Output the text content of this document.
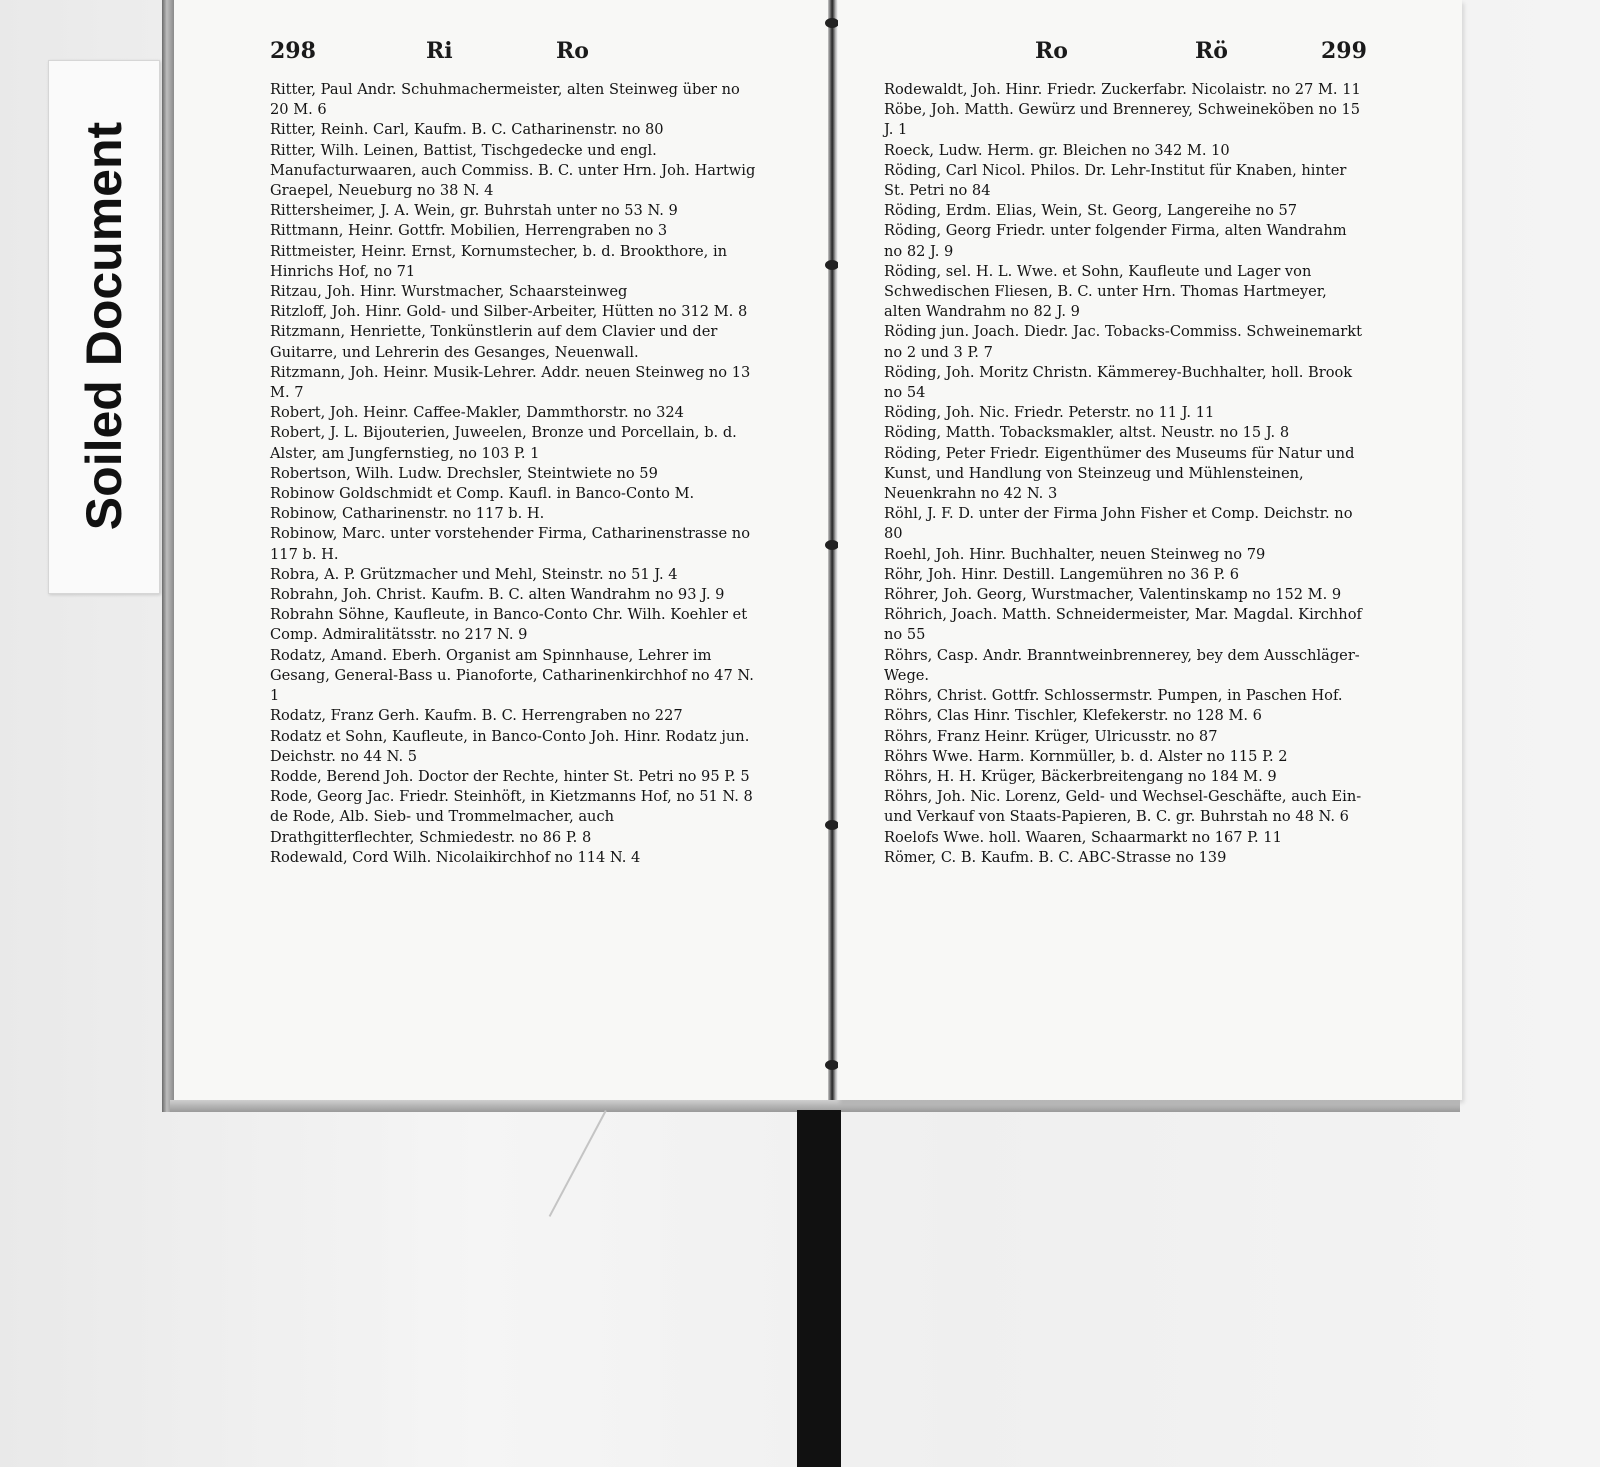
Soiled Document
298	Ri	Ro
Ritter, Paul Andr. Schuhmachermeister, alten Steinweg über no 20 M. 6
Ritter, Reinh. Carl, Kaufm. B. C. Catharinenstr. no 80
Ritter, Wilh. Leinen, Battist, Tischgedecke und engl. Manufacturwaaren, auch Commiss. B. C. unter Hrn. Joh. Hartwig Graepel, Neueburg no 38 N. 4
Rittersheimer, J. A. Wein, gr. Buhrstah unter no 53 N. 9
Rittmann, Heinr. Gottfr. Mobilien, Herrengraben no 3
Rittmeister, Heinr. Ernst, Kornumstecher, b. d. Brookthore, in Hinrichs Hof, no 71
Ritzau, Joh. Hinr. Wurstmacher, Schaarsteinweg
Ritzloff, Joh. Hinr. Gold- und Silber-Arbeiter, Hütten no 312 M. 8
Ritzmann, Henriette, Tonkünstlerin auf dem Clavier und der Guitarre, und Lehrerin des Gesanges, Neuenwall.
Ritzmann, Joh. Heinr. Musik-Lehrer. Addr. neuen Steinweg no 13 M. 7
Robert, Joh. Heinr. Caffee-Makler, Dammthorstr. no 324
Robert, J. L. Bijouterien, Juweelen, Bronze und Porcellain, b. d. Alster, am Jungfernstieg, no 103 P. 1
Robertson, Wilh. Ludw. Drechsler, Steintwiete no 59
Robinow Goldschmidt et Comp. Kaufl. in Banco-Conto M. Robinow, Catharinenstr. no 117 b. H.
Robinow, Marc. unter vorstehender Firma, Catharinenstrasse no 117 b. H.
Robra, A. P. Grützmacher und Mehl, Steinstr. no 51 J. 4
Robrahn, Joh. Christ. Kaufm. B. C. alten Wandrahm no 93 J. 9
Robrahn Söhne, Kaufleute, in Banco-Conto Chr. Wilh. Koehler et Comp. Admiralitätsstr. no 217 N. 9
Rodatz, Amand. Eberh. Organist am Spinnhause, Lehrer im Gesang, General-Bass u. Pianoforte, Catharinenkirchhof no 47 N. 1
Rodatz, Franz Gerh. Kaufm. B. C. Herrengraben no 227
Rodatz et Sohn, Kaufleute, in Banco-Conto Joh. Hinr. Rodatz jun. Deichstr. no 44 N. 5
Rodde, Berend Joh. Doctor der Rechte, hinter St. Petri no 95 P. 5
Rode, Georg Jac. Friedr. Steinhöft, in Kietzmanns Hof, no 51 N. 8
de Rode, Alb. Sieb- und Trommelmacher, auch Drathgitterflechter, Schmiedestr. no 86 P. 8
Rodewald, Cord Wilh. Nicolaikirchhof no 114 N. 4
Ro	Rö	299
Rodewaldt, Joh. Hinr. Friedr. Zuckerfabr. Nicolaistr. no 27 M. 11
Röbe, Joh. Matth. Gewürz und Brennerey, Schweineköben no 15 J. 1
Roeck, Ludw. Herm. gr. Bleichen no 342 M. 10
Röding, Carl Nicol. Philos. Dr. Lehr-Institut für Knaben, hinter St. Petri no 84
Röding, Erdm. Elias, Wein, St. Georg, Langereihe no 57
Röding, Georg Friedr. unter folgender Firma, alten Wandrahm no 82 J. 9
Röding, sel. H. L. Wwe. et Sohn, Kaufleute und Lager von Schwedischen Fliesen, B. C. unter Hrn. Thomas Hartmeyer, alten Wandrahm no 82 J. 9
Röding jun. Joach. Diedr. Jac. Tobacks-Commiss. Schweinemarkt no 2 und 3 P. 7
Röding, Joh. Moritz Christn. Kämmerey-Buchhalter, holl. Brook no 54
Röding, Joh. Nic. Friedr. Peterstr. no 11 J. 11
Röding, Matth. Tobacksmakler, altst. Neustr. no 15 J. 8
Röding, Peter Friedr. Eigenthümer des Museums für Natur und Kunst, und Handlung von Steinzeug und Mühlensteinen, Neuenkrahn no 42 N. 3
Röhl, J. F. D. unter der Firma John Fisher et Comp. Deichstr. no 80
Roehl, Joh. Hinr. Buchhalter, neuen Steinweg no 79
Röhr, Joh. Hinr. Destill. Langemühren no 36 P. 6
Röhrer, Joh. Georg, Wurstmacher, Valentinskamp no 152 M. 9
Röhrich, Joach. Matth. Schneidermeister, Mar. Magdal. Kirchhof no 55
Röhrs, Casp. Andr. Branntweinbrennerey, bey dem Ausschläger-Wege.
Röhrs, Christ. Gottfr. Schlossermstr. Pumpen, in Paschen Hof.
Röhrs, Clas Hinr. Tischler, Klefekerstr. no 128 M. 6
Röhrs, Franz Heinr. Krüger, Ulricusstr. no 87
Röhrs Wwe. Harm. Kornmüller, b. d. Alster no 115 P. 2
Röhrs, H. H. Krüger, Bäckerbreitengang no 184 M. 9
Röhrs, Joh. Nic. Lorenz, Geld- und Wechsel-Geschäfte, auch Ein- und Verkauf von Staats-Papieren, B. C. gr. Buhrstah no 48 N. 6
Roelofs Wwe. holl. Waaren, Schaarmarkt no 167 P. 11
Römer, C. B. Kaufm. B. C. ABC-Strasse no 139
